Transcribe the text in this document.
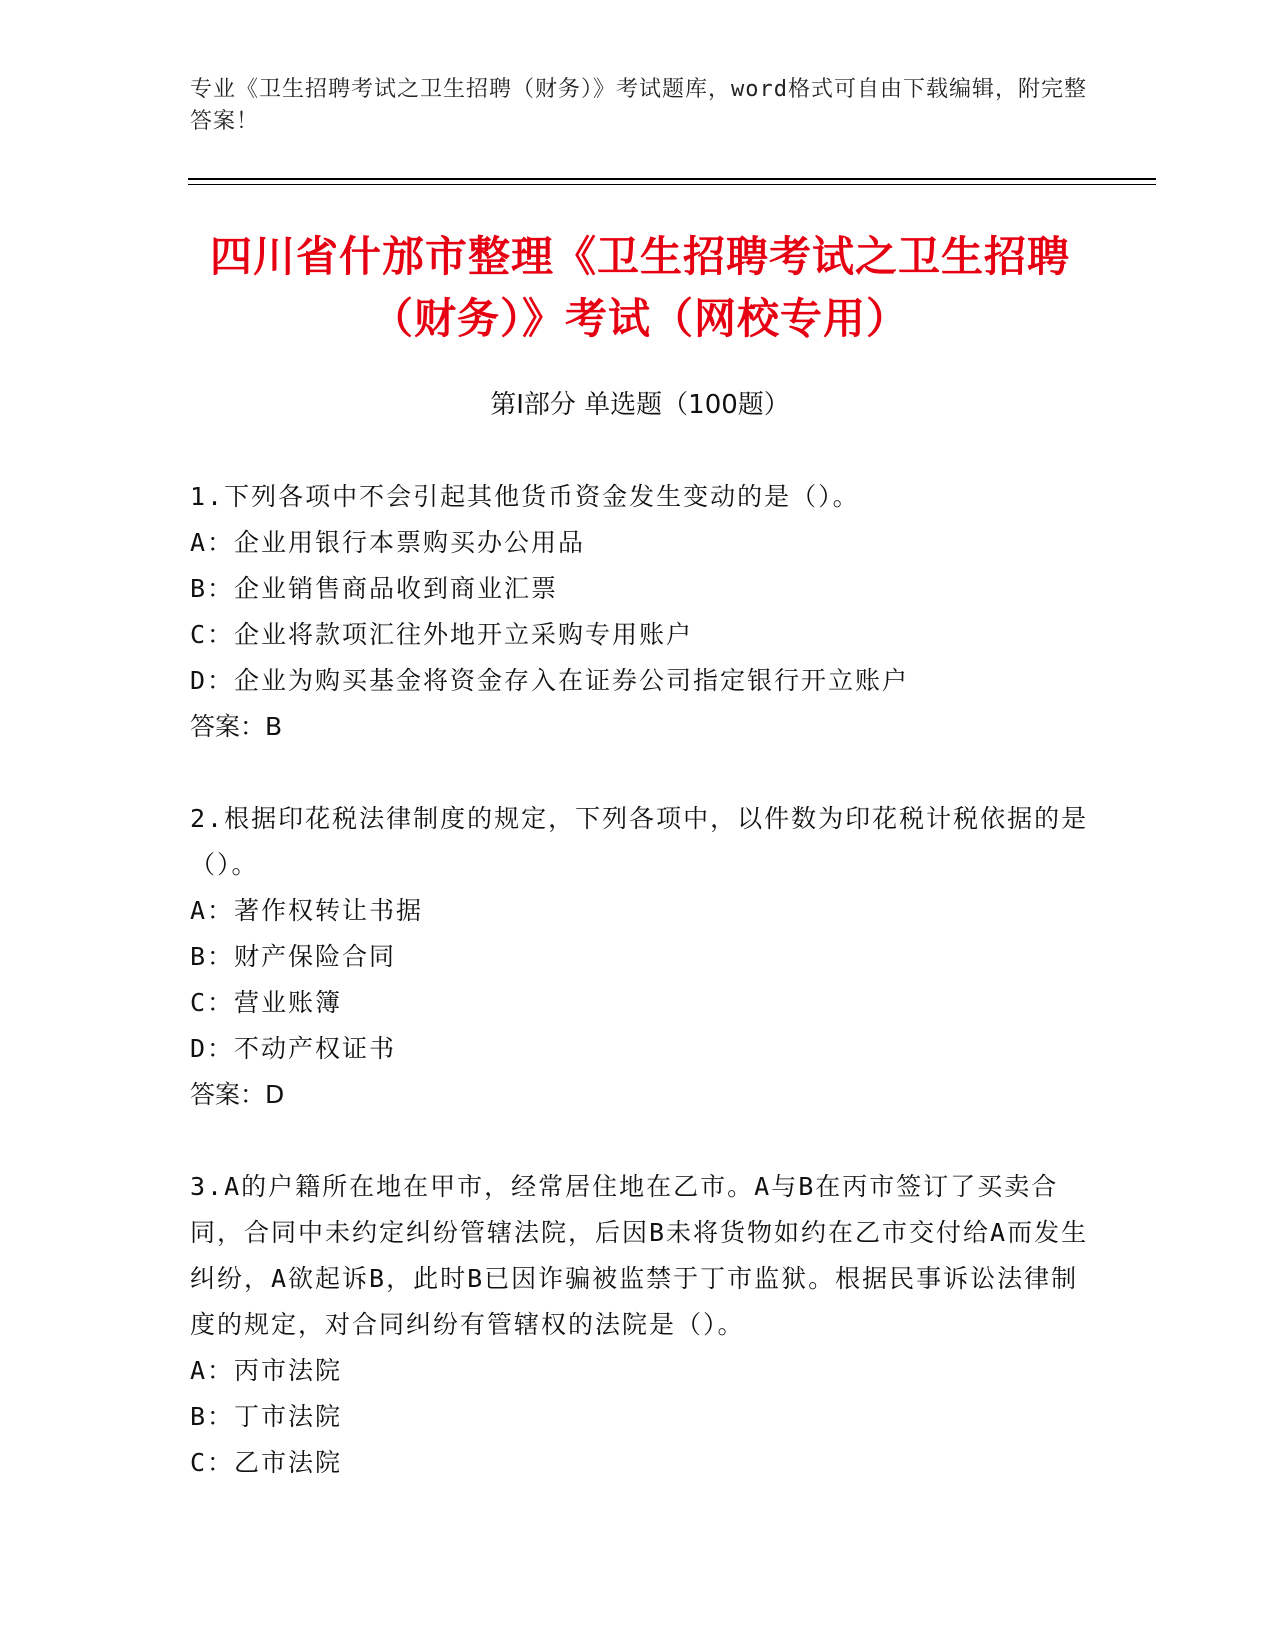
专业《卫生招聘考试之卫生招聘（财务）》考试题库，word格式可自由下载编辑，附完整答案！
四川省什邡市整理《卫生招聘考试之卫生招聘（财务）》考试（网校专用）
第Ⅰ部分 单选题（100题）

1.下列各项中不会引起其他货币资金发生变动的是（）。

A：企业用银行本票购买办公用品

B：企业销售商品收到商业汇票

C：企业将款项汇往外地开立采购专用账户

D：企业为购买基金将资金存入在证券公司指定银行开立账户

答案：B

2.根据印花税法律制度的规定，下列各项中，以件数为印花税计税依据的是（）。

A：著作权转让书据

B：财产保险合同

C：营业账簿

D：不动产权证书

答案：D

3.A的户籍所在地在甲市，经常居住地在乙市。A与B在丙市签订了买卖合同，合同中未约定纠纷管辖法院，后因B未将货物如约在乙市交付给A而发生纠纷，A欲起诉B，此时B已因诈骗被监禁于丁市监狱。根据民事诉讼法律制度的规定，对合同纠纷有管辖权的法院是（）。

A：丙市法院

B：丁市法院

C：乙市法院
